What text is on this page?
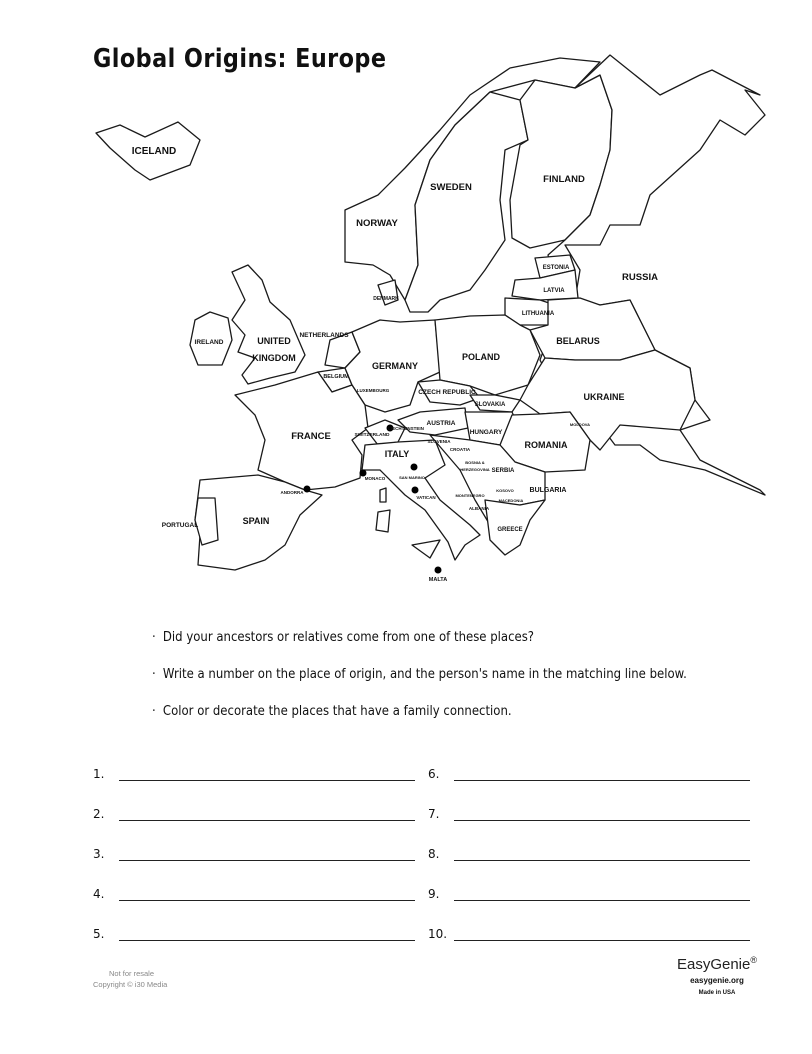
Global Origins: Europe
ICELAND
NORWAY
SWEDEN
FINLAND
RUSSIA
ESTONIA
LATVIA
LITHUANIA
BELARUS
DENMARK
IRELAND	UNITED
KINGDOM
NETHERLANDS
BELGIUM
LUXEMBOURG
GERMANY
POLAND
CZECH REPUBLIC
SLOVAKIA
UKRAINE
MOLDOVA
FRANCE	SWITZERLAND
LIECHTENSTEIN
AUSTRIA
HUNGARY
ROMANIA
SLOVENIA
CROATIA
BOSNIA &
HERZEGOVINA SERBIA
ITALY
MONACO	SAN MARINO
VATICAN	MONTENEGRO
KOSOVO
MACEDONIA
ALBANIA
BULGARIA
GREECE
ANDORRA
PORTUGAL	SPAIN
MALTA
· Did your ancestors or relatives come from one of these places?
· Write a number on the place of origin, and the person's name in the matching line below.
· Color or decorate the places that have a family connection.
1.
2.
3.
4.
5.
6.
7.
8.
9.
10.
Not for resale
Copyright © i30 Media
EasyGenie®
easygenie.org
Made in USA
